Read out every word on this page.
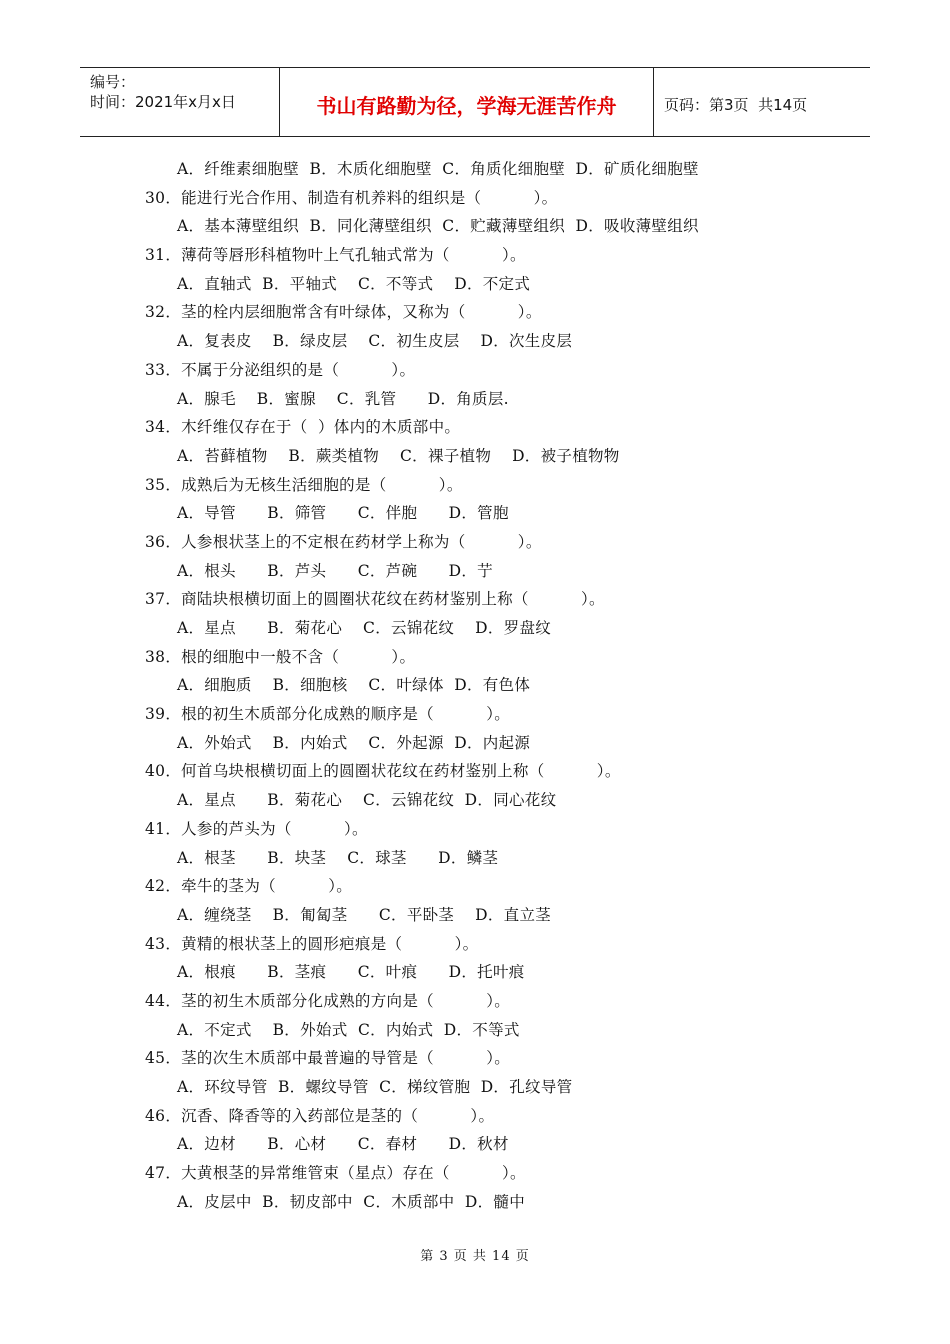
编号：
时间：2021年x月x日	书山有路勤为径，学海无涯苦作舟	页码：第3页  共14页
A．纤维素细胞壁  B．木质化细胞壁  C．角质化细胞壁  D．矿质化细胞壁
30．能进行光合作用、制造有机养料的组织是（          ）。
A．基本薄壁组织  B．同化薄壁组织  C．贮藏薄壁组织  D．吸收薄壁组织
31．薄荷等唇形科植物叶上气孔轴式常为（          ）。
A．直轴式  B．平轴式    C．不等式    D．不定式
32．茎的栓内层细胞常含有叶绿体，又称为（          ）。
A．复表皮    B．绿皮层    C．初生皮层    D．次生皮层
33．不属于分泌组织的是（          ）。
A．腺毛    B．蜜腺    C．乳管      D．角质层.
34．木纤维仅存在于（  ）体内的木质部中。
A．苔藓植物    B．蕨类植物    C．裸子植物    D．被子植物物
35．成熟后为无核生活细胞的是（          ）。
A．导管      B．筛管      C．伴胞      D．管胞
36．人参根状茎上的不定根在药材学上称为（          ）。
A．根头      B．芦头      C．芦碗      D．艼
37．商陆块根横切面上的圆圈状花纹在药材鉴别上称（          ）。
A．星点      B．菊花心    C．云锦花纹    D．罗盘纹
38．根的细胞中一般不含（          ）。
A．细胞质    B．细胞核    C．叶绿体  D．有色体
39．根的初生木质部分化成熟的顺序是（          ）。
A．外始式    B．内始式    C．外起源  D．内起源
40．何首乌块根横切面上的圆圈状花纹在药材鉴别上称（          ）。
A．星点      B．菊花心    C．云锦花纹  D．同心花纹
41．人参的芦头为（          ）。
A．根茎      B．块茎    C．球茎      D．鳞茎
42．牵牛的茎为（          ）。
A．缠绕茎    B．匍匐茎      C．平卧茎    D．直立茎
43．黄精的根状茎上的圆形疤痕是（          ）。
A．根痕      B．茎痕      C．叶痕      D．托叶痕
44．茎的初生木质部分化成熟的方向是（          ）。
A．不定式    B．外始式  C．内始式  D．不等式
45．茎的次生木质部中最普遍的导管是（          ）。
A．环纹导管  B．螺纹导管  C．梯纹管胞  D．孔纹导管
46．沉香、降香等的入药部位是茎的（          ）。
A．边材      B．心材      C．春材      D．秋材
47．大黄根茎的异常维管束（星点）存在（          ）。
A．皮层中  B．韧皮部中  C．木质部中  D．髓中
第 3 页 共 14 页
